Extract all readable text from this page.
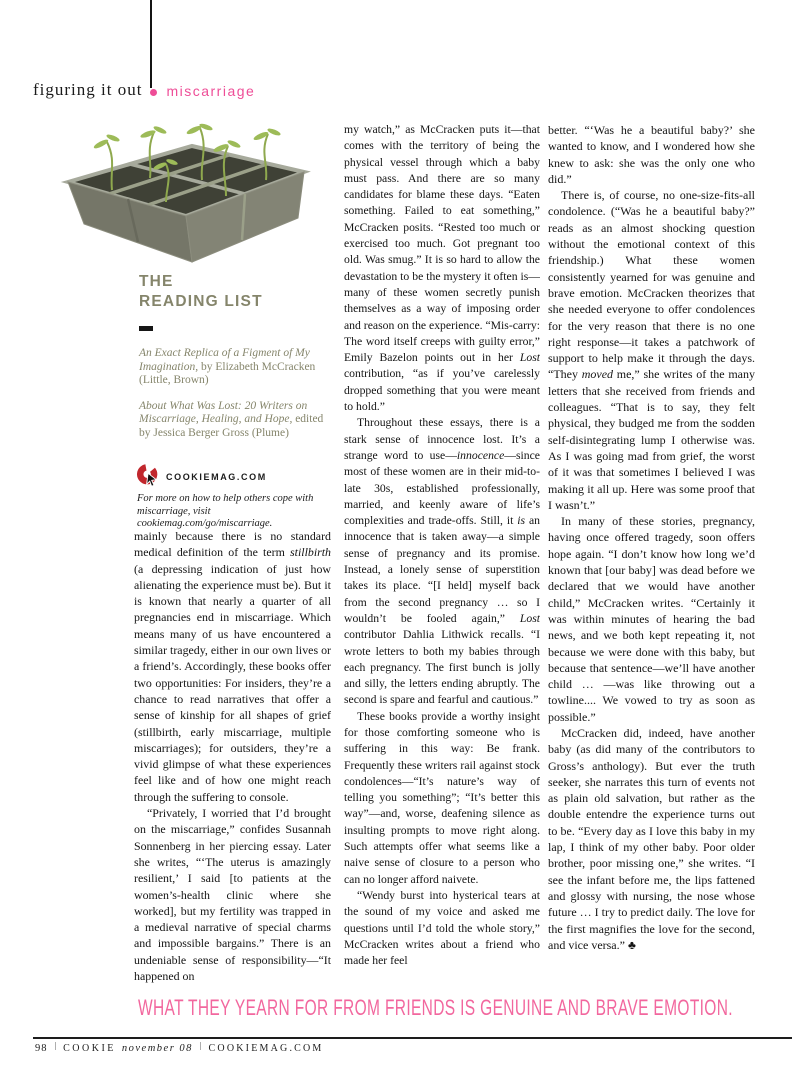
figuring it out miscarriage
THE
READING LIST

An Exact Replica of a Figment of My Imagination, by Elizabeth McCracken (Little, Brown)

About What Was Lost: 20 Writers on Miscarriage, Healing, and Hope, edited by Jessica Berger Gross (Plume)

COOKIEMAG.COM
For more on how to help others cope with miscarriage, visit cookiemag.com/go/miscarriage.

mainly because there is no standard medical definition of the term stillbirth (a depressing indication of just how alienating the experience must be). But it is known that nearly a quarter of all pregnancies end in miscarriage. Which means many of us have encountered a similar tragedy, either in our own lives or a friend’s. Accordingly, these books offer two opportunities: For insiders, they’re a chance to read narratives that offer a sense of kinship for all shapes of grief (stillbirth, early miscarriage, multiple miscarriages); for outsiders, they’re a vivid glimpse of what these experiences feel like and of how one might reach through the suffering to console.

“Privately, I worried that I’d brought on the miscarriage,” confides Susannah Sonnenberg in her piercing essay. Later she writes, “‘The uterus is amazingly resilient,’ I said [to patients at the women’s-health clinic where she worked], but my fertility was trapped in a medieval narrative of special charms and impossible bargains.” There is an undeniable sense of responsibility—“It happened on

my watch,” as McCracken puts it—that comes with the territory of being the physical vessel through which a baby must pass. And there are so many candidates for blame these days. “Eaten something. Failed to eat something,” McCracken posits. “Rested too much or exercised too much. Got pregnant too old. Was smug.” It is so hard to allow the devastation to be the mystery it often is—many of these women secretly punish themselves as a way of imposing order and reason on the experience. “Mis-carry: The word itself creeps with guilty error,” Emily Bazelon points out in her Lost contribution, “as if you’ve carelessly dropped something that you were meant to hold.”

Throughout these essays, there is a stark sense of innocence lost. It’s a strange word to use—innocence—since most of these women are in their mid-to-late 30s, established professionally, married, and keenly aware of life’s complexities and trade-offs. Still, it is an innocence that is taken away—a simple sense of pregnancy and its promise. Instead, a lonely sense of superstition takes its place. “[I held] myself back from the second pregnancy … so I wouldn’t be fooled again,” Lost contributor Dahlia Lithwick recalls. “I wrote letters to both my babies through each pregnancy. The first bunch is jolly and silly, the letters ending abruptly. The second is spare and fearful and cautious.”

These books provide a worthy insight for those comforting someone who is suffering in this way: Be frank. Frequently these writers rail against stock condolences—“It’s nature’s way of telling you something”; “It’s better this way”—and, worse, deafening silence as insulting prompts to move right along. Such attempts offer what seems like a naive sense of closure to a person who can no longer afford naivete.

“Wendy burst into hysterical tears at the sound of my voice and asked me questions until I’d told the whole story,” McCracken writes about a friend who made her feel

better. “‘Was he a beautiful baby?’ she wanted to know, and I wondered how she knew to ask: she was the only one who did.”

There is, of course, no one-size-fits-all condolence. (“Was he a beautiful baby?” reads as an almost shocking question without the emotional context of this friendship.) What these women consistently yearned for was genuine and brave emotion. McCracken theorizes that she needed everyone to offer condolences for the very reason that there is no one right response—it takes a patchwork of support to help make it through the days. “They moved me,” she writes of the many letters that she received from friends and colleagues. “That is to say, they felt physical, they budged me from the sodden self-disintegrating lump I otherwise was. As I was going mad from grief, the worst of it was that sometimes I believed I was making it all up. Here was some proof that I wasn’t.”

In many of these stories, pregnancy, having once offered tragedy, soon offers hope again. “I don’t know how long we’d known that [our baby] was dead before we declared that we would have another child,” McCracken writes. “Certainly it was within minutes of hearing the bad news, and we both kept repeating it, not because we were done with this baby, but because that sentence—we’ll have another child … —was like throwing out a towline.... We vowed to try as soon as possible.”

McCracken did, indeed, have another baby (as did many of the contributors to Gross’s anthology). But ever the truth seeker, she narrates this turn of events not as plain old salvation, but rather as the double entendre the experience turns out to be. “Every day as I love this baby in my lap, I think of my other baby. Poor older brother, poor missing one,” she writes. “I see the infant before me, the lips fattened and glossy with nursing, the nose whose future … I try to predict daily. The love for the first magnifies the love for the second, and vice versa.” ♣

WHAT THEY YEARN FOR FROM FRIENDS IS GENUINE AND BRAVE EMOTION.
98 | COOKIE november 08 | COOKIEMAG.COM
